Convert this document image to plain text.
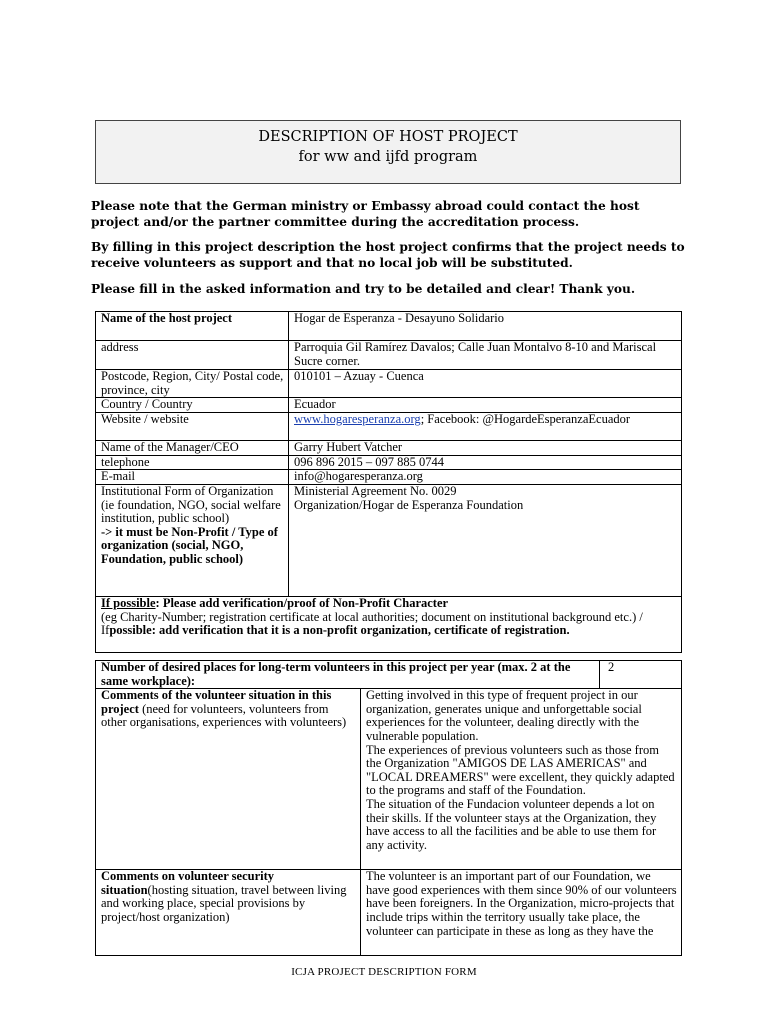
DESCRIPTION OF HOST PROJECT
for ww and ijfd program
Please note that the German ministry or Embassy abroad could contact the host project and/or the partner committee during the accreditation process.
By filling in this project description the host project confirms that the project needs to receive volunteers as support and that no local job will be substituted.
Please fill in the asked information and try to be detailed and clear! Thank you.
Name of the host project	Hogar de Esperanza - Desayuno Solidario
address	Parroquia Gil Ramírez Davalos; Calle Juan Montalvo 8-10 and Mariscal Sucre corner.
Postcode, Region, City/ Postal code, province, city	010101 – Azuay - Cuenca
Country / Country	Ecuador
Website / website	www.hogaresperanza.org; Facebook: @HogardeEsperanzaEcuador
Name of the Manager/CEO	Garry Hubert Vatcher
telephone	096 896 2015 – 097 885 0744
E-mail	info@hogaresperanza.org
Institutional Form of Organization (ie foundation, NGO, social welfare institution, public school)
-> it must be Non-Profit / Type of organization (social, NGO, Foundation, public school)	Ministerial Agreement No. 0029
Organization/Hogar de Esperanza Foundation
If possible: Please add verification/proof of Non-Profit Character
(eg Charity-Number; registration certificate at local authorities; document on institutional background etc.) / Ifpossible: add verification that it is a non-profit organization, certificate of registration.	
Number of desired places for long-term volunteers in this project per year (max. 2 at the same workplace):		2
Comments of the volunteer situation in this project (need for volunteers, volunteers from other organisations, experiences with volunteers)	Getting involved in this type of frequent project in our organization, generates unique and unforgettable social experiences for the volunteer, dealing directly with the vulnerable population.
The experiences of previous volunteers such as those from the Organization "AMIGOS DE LAS AMERICAS" and "LOCAL DREAMERS" were excellent, they quickly adapted to the programs and staff of the Foundation.
The situation of the Fundacion volunteer depends a lot on their skills. If the volunteer stays at the Organization, they have access to all the facilities and be able to use them for any activity.	
Comments on volunteer security situation(hosting situation, travel between living and working place, special provisions by project/host organization)	The volunteer is an important part of our Foundation, we have good experiences with them since 90% of our volunteers have been foreigners. In the Organization, micro-projects that include trips within the territory usually take place, the volunteer can participate in these as long as they have the	
ICJA PROJECT DESCRIPTION FORM
